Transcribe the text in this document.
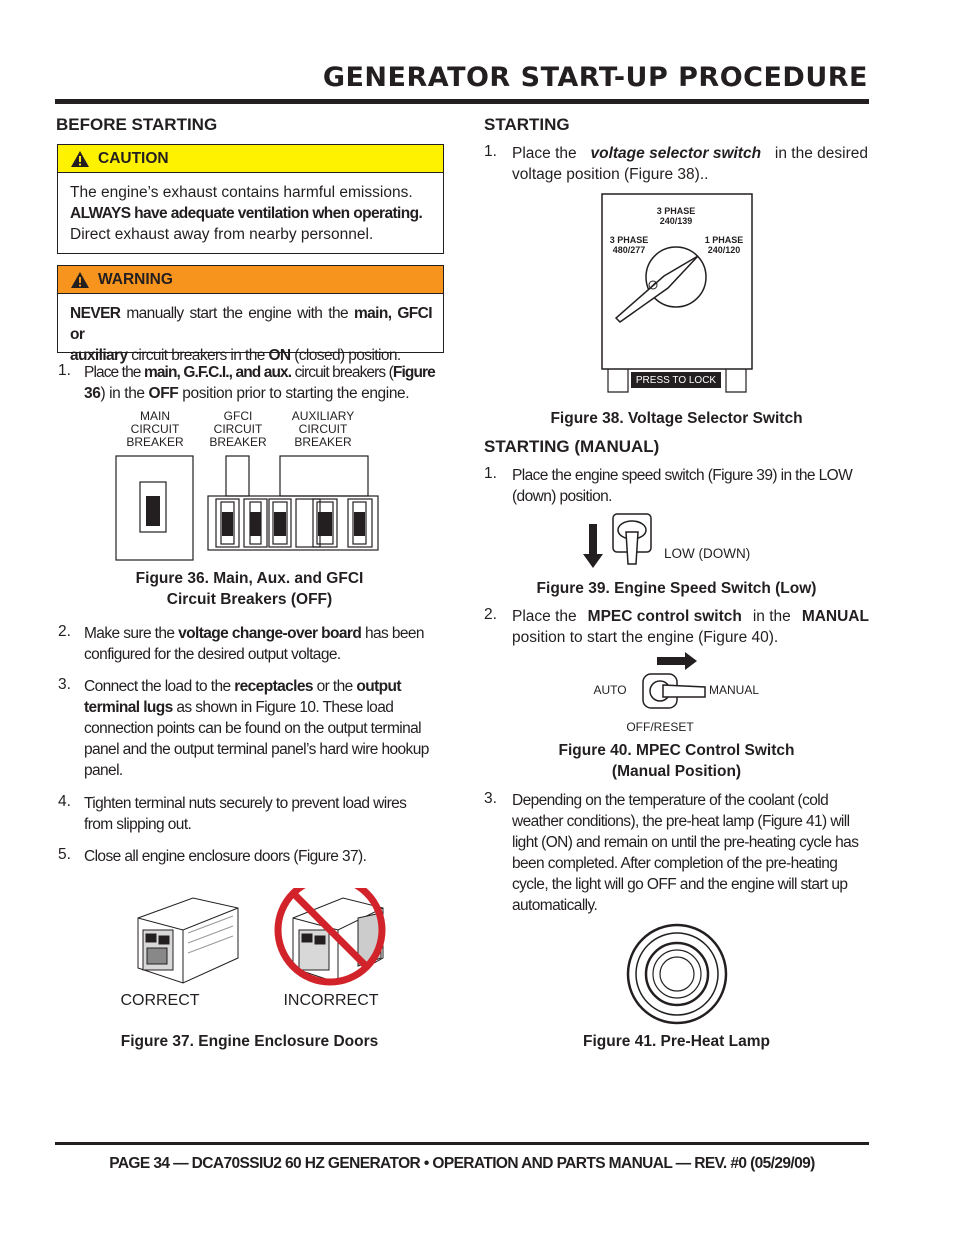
GENERATOR START-UP PROCEDURE
BEFORE STARTING
CAUTION
The engine’s exhaust contains harmful emissions.
ALWAYS have adequate ventilation when operating.
Direct exhaust away from nearby personnel.
WARNING
NEVER manually start the engine with the main, GFCI or
auxiliary circuit breakers in the ON (closed) position.
1. Place the main, G.F.C.I., and aux. circuit breakers (Figure
36) in the OFF position prior to starting the engine.
MAIN
CIRCUIT
BREAKER
GFCI
CIRCUIT
BREAKER
AUXILIARY
CIRCUIT
BREAKER
Figure 36. Main, Aux. and GFCI
Circuit Breakers (OFF)
2. Make sure the voltage change-over board has been
configured for the desired output voltage.
3. Connect the load to the receptacles or the output
terminal lugs as shown in Figure 10. These load
connection points can be found on the output terminal
panel and the output terminal panel’s hard wire hookup
panel.
4. Tighten terminal nuts securely to prevent load wires
from slipping out.
5. Close all engine enclosure doors (Figure 37).
CORRECT	INCORRECT
Figure 37. Engine Enclosure Doors
STARTING
1. Place the voltage selector switch in the desired
voltage position (Figure 38)..
3 PHASE
240/139
3 PHASE
480/277
1 PHASE
240/120
PRESS TO LOCK
Figure 38. Voltage Selector Switch
STARTING (MANUAL)
1. Place the engine speed switch (Figure 39) in the LOW
(down) position.
LOW (DOWN)
Figure 39. Engine Speed Switch (Low)
2. Place the MPEC control switch in the MANUAL
position to start the engine (Figure 40).
AUTO	MANUAL
OFF/RESET
Figure 40. MPEC Control Switch
(Manual Position)
3. Depending on the temperature of the coolant (cold
weather conditions), the pre-heat lamp (Figure 41) will
light (ON) and remain on until the pre-heating cycle has
been completed. After completion of the pre-heating
cycle, the light will go OFF and the engine will start up
automatically.
Figure 41. Pre-Heat Lamp
PAGE 34 — DCA70SSIU2 60 HZ GENERATOR • OPERATION AND PARTS MANUAL — REV. #0 (05/29/09)
